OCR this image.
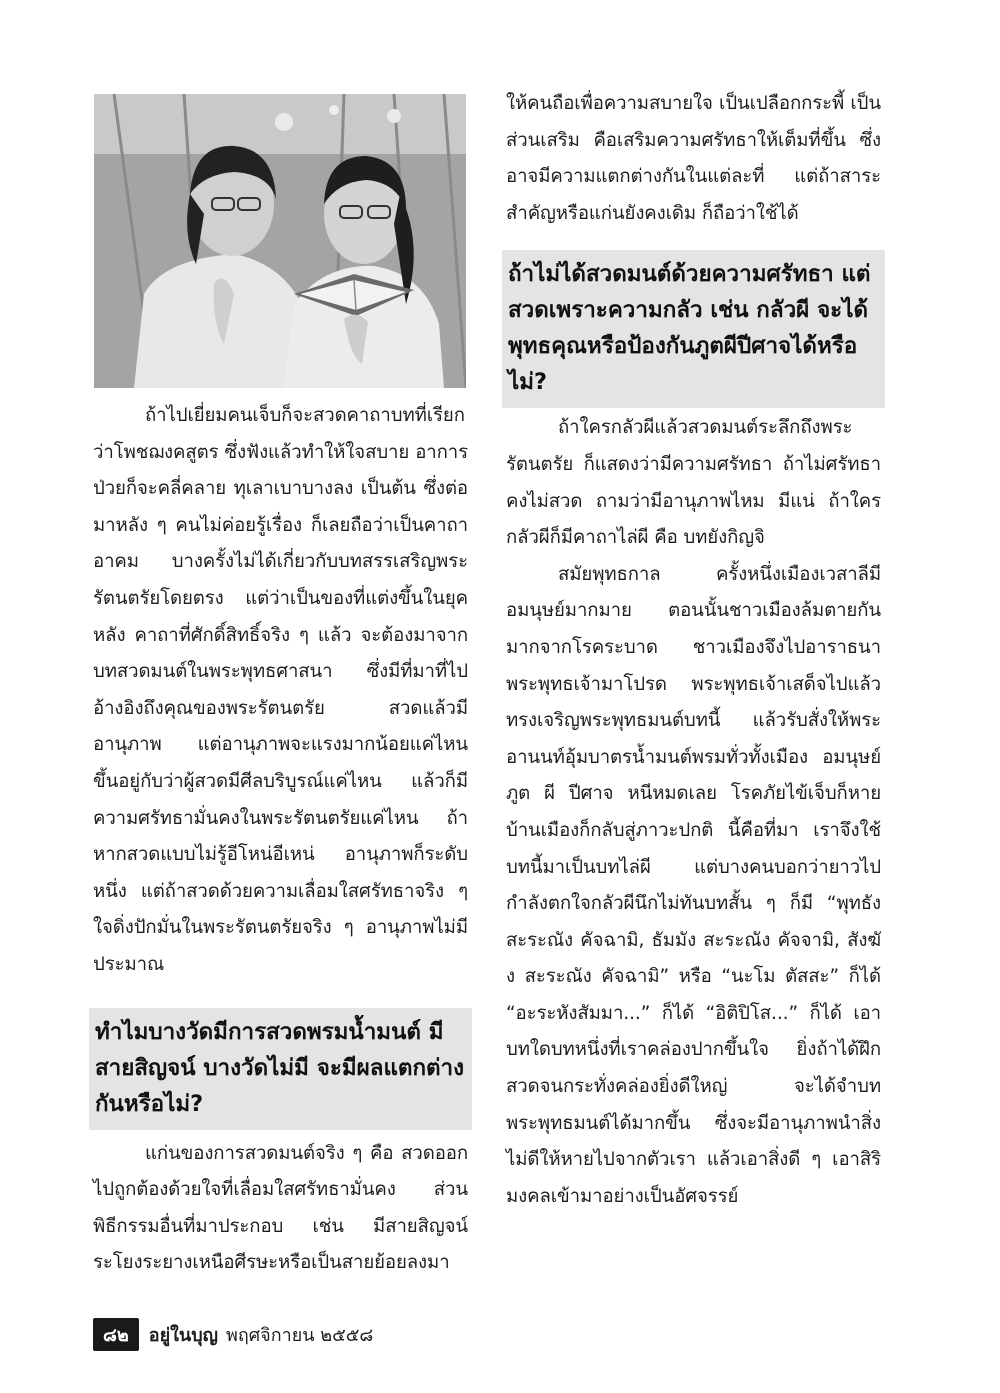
ถ้าไปเยี่ยมคนเจ็บก็จะสวดคาถาบทที่เรียกว่าโพชฌงคสูตร ซึ่งฟังแล้วทำให้ใจสบาย อาการป่วยก็จะคลี่คลาย ทุเลาเบาบางลง เป็นต้น ซึ่งต่อมาหลัง ๆ คนไม่ค่อยรู้เรื่อง ก็เลยถือว่าเป็นคาถาอาคม บางครั้งไม่ได้เกี่ยวกับบทสรรเสริญพระรัตนตรัยโดยตรง แต่ว่าเป็นของที่แต่งขึ้นในยุคหลัง คาถาที่ศักดิ์สิทธิ์จริง ๆ แล้ว จะต้องมาจากบทสวดมนต์ในพระพุทธศาสนา ซึ่งมีที่มาที่ไป อ้างอิงถึงคุณของพระรัตนตรัย สวดแล้วมีอานุภาพ แต่อานุภาพจะแรงมากน้อยแค่ไหน ขึ้นอยู่กับว่าผู้สวดมีศีลบริบูรณ์แค่ไหน แล้วก็มีความศรัทธามั่นคงในพระรัตนตรัยแค่ไหน ถ้าหากสวดแบบไม่รู้อีโหน่อีเหน่ อานุภาพก็ระดับหนึ่ง แต่ถ้าสวดด้วยความเลื่อมใสศรัทธาจริง ๆ ใจดิ่งปักมั่นในพระรัตนตรัยจริง ๆ อานุภาพไม่มีประมาณ

ทำไมบางวัดมีการสวดพรมน้ำมนต์ มีสายสิญจน์ บางวัดไม่มี จะมีผลแตกต่างกันหรือไม่?

แก่นของการสวดมนต์จริง ๆ คือ สวดออกไปถูกต้องด้วยใจที่เลื่อมใสศรัทธามั่นคง ส่วนพิธีกรรมอื่นที่มาประกอบ เช่น มีสายสิญจน์ระโยงระยางเหนือศีรษะหรือเป็นสายย้อยลงมา

ให้คนถือเพื่อความสบายใจ เป็นเปลือกกระพี้ เป็นส่วนเสริม คือเสริมความศรัทธาให้เต็มที่ขึ้น ซึ่งอาจมีความแตกต่างกันในแต่ละที่ แต่ถ้าสาระสำคัญหรือแก่นยังคงเดิม ก็ถือว่าใช้ได้

ถ้าไม่ได้สวดมนต์ด้วยความศรัทธา แต่สวดเพราะความกลัว เช่น กลัวผี จะได้พุทธคุณหรือป้องกันภูตผีปีศาจได้หรือไม่?

ถ้าใครกลัวผีแล้วสวดมนต์ระลึกถึงพระรัตนตรัย ก็แสดงว่ามีความศรัทธา ถ้าไม่ศรัทธาคงไม่สวด ถามว่ามีอานุภาพไหม มีแน่ ถ้าใครกลัวผีก็มีคาถาไล่ผี คือ บทยังกิญจิ

สมัยพุทธกาล ครั้งหนึ่งเมืองเวสาลีมีอมนุษย์มากมาย ตอนนั้นชาวเมืองล้มตายกันมากจากโรคระบาด ชาวเมืองจึงไปอาราธนาพระพุทธเจ้ามาโปรด พระพุทธเจ้าเสด็จไปแล้วทรงเจริญพระพุทธมนต์บทนี้ แล้วรับสั่งให้พระอานนท์อุ้มบาตรน้ำมนต์พรมทั่วทั้งเมือง อมนุษย์ ภูต ผี ปีศาจ หนีหมดเลย โรคภัยไข้เจ็บก็หาย บ้านเมืองก็กลับสู่ภาวะปกติ นี้คือที่มา เราจึงใช้บทนี้มาเป็นบทไล่ผี แต่บางคนบอกว่ายาวไป กำลังตกใจกลัวผีนึกไม่ทันบทสั้น ๆ ก็มี “พุทธัง สะระณัง คัจฉามิ, ธัมมัง สะระณัง คัจจามิ, สังฆัง สะระณัง คัจฉามิ” หรือ “นะโม ตัสสะ” ก็ได้ “อะระหังสัมมา...” ก็ได้ “อิติปิโส...” ก็ได้ เอาบทใดบทหนึ่งที่เราคล่องปากขึ้นใจ ยิ่งถ้าได้ฝึกสวดจนกระทั่งคล่องยิ่งดีใหญ่ จะได้จำบทพระพุทธมนต์ได้มากขึ้น ซึ่งจะมีอานุภาพนำสิ่งไม่ดีให้หายไปจากตัวเรา แล้วเอาสิ่งดี ๆ เอาสิริมงคลเข้ามาอย่างเป็นอัศจรรย์

๘๒	อยู่ในบุญ พฤศจิกายน ๒๕๕๘
